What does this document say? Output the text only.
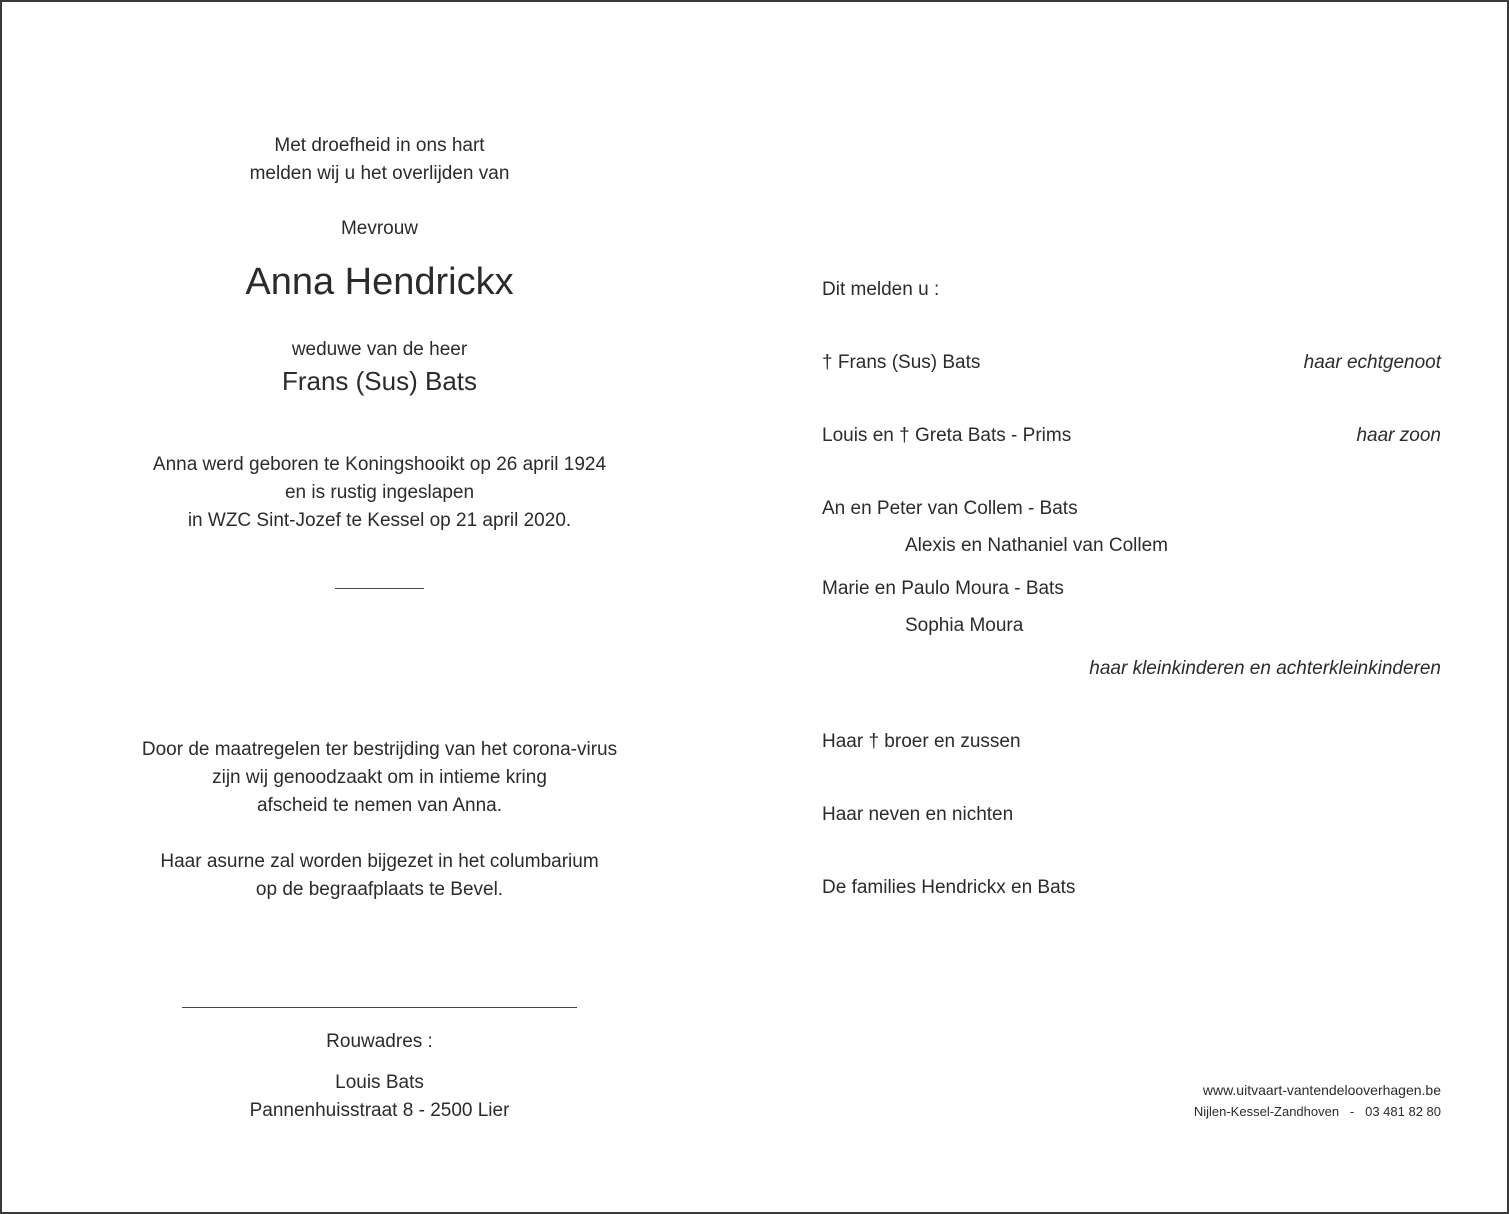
Met droefheid in ons hart
melden wij u het overlijden van
Mevrouw
Anna Hendrickx
weduwe van de heer
Frans (Sus) Bats
Anna werd geboren te Koningshooikt op 26 april 1924
en is rustig ingeslapen
in WZC Sint-Jozef te Kessel op 21 april 2020.
Door de maatregelen ter bestrijding van het corona-virus
zijn wij genoodzaakt om in intieme kring
afscheid te nemen van Anna.
Haar asurne zal worden bijgezet in het columbarium
op de begraafplaats te Bevel.
Rouwadres :
Louis Bats
Pannenhuisstraat 8 - 2500 Lier
Dit melden u :
† Frans (Sus) Bats	haar echtgenoot
Louis en † Greta Bats - Prims	haar zoon
An en Peter van Collem - Bats
Alexis en Nathaniel van Collem
Marie en Paulo Moura - Bats
Sophia Moura
haar kleinkinderen en achterkleinkinderen
Haar † broer en zussen
Haar neven en nichten
De families Hendrickx en Bats
www.uitvaart-vantendelooverhagen.be
Nijlen-Kessel-Zandhoven   -   03 481 82 80
